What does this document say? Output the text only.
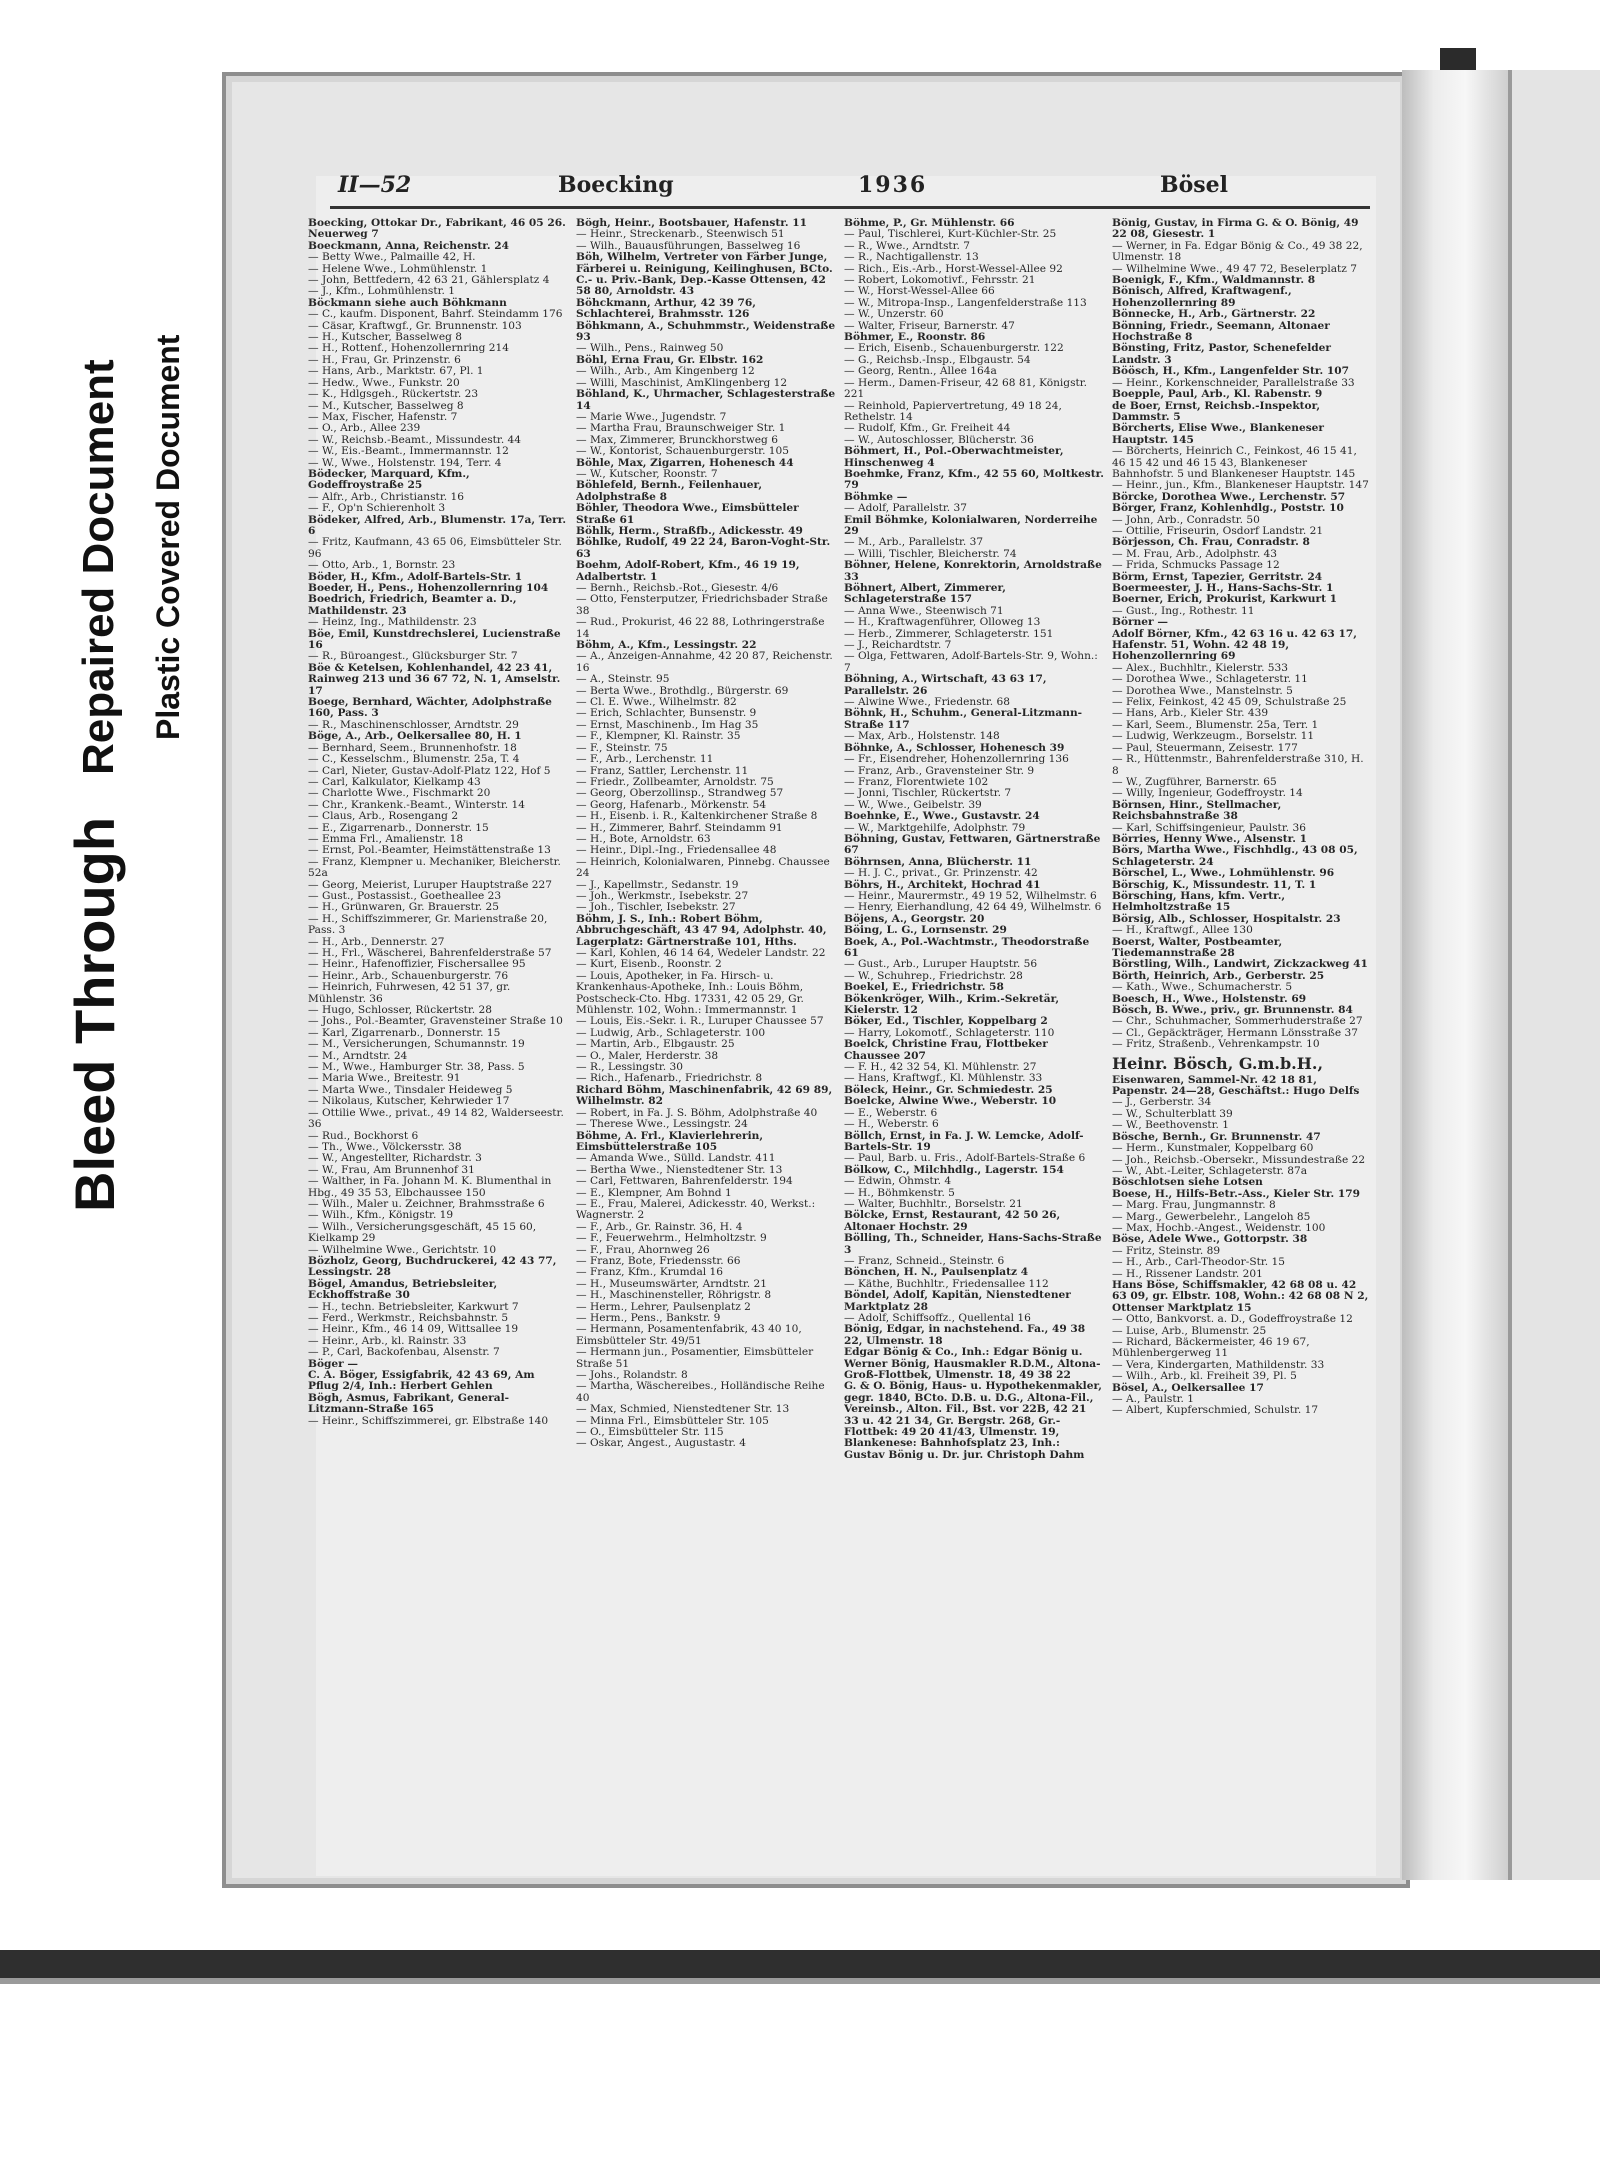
II—52	Boecking	1936	Bösel

Boecking, Ottokar Dr., Fabrikant, 46 05 26. Neuerweg 7

Boeckmann, Anna, Reichenstr. 24

— Betty Wwe., Palmaille 42, H.

— Helene Wwe., Lohmühlenstr. 1

— John, Bettfedern, 42 63 21, Gählersplatz 4

— J., Kfm., Lohmühlenstr. 1

Böckmann siehe auch Böhkmann

— C., kaufm. Disponent, Bahrf. Steindamm 176

— Cäsar, Kraftwgf., Gr. Brunnenstr. 103

— H., Kutscher, Basselweg 8

— H., Rottenf., Hohenzollernring 214

— H., Frau, Gr. Prinzenstr. 6

— Hans, Arb., Marktstr. 67, Pl. 1

— Hedw., Wwe., Funkstr. 20

— K., Hdlgsgeh., Rückertstr. 23

— M., Kutscher, Basselweg 8

— Max, Fischer, Hafenstr. 7

— O., Arb., Allee 239

— W., Reichsb.-Beamt., Missundestr. 44

— W., Eis.-Beamt., Immermannstr. 12

— W., Wwe., Holstenstr. 194, Terr. 4

Bödecker, Marquard, Kfm., Godeffroystraße 25

— Alfr., Arb., Christianstr. 16

— F., Op'n Schierenholt 3

Bödeker, Alfred, Arb., Blumenstr. 17a, Terr. 6

— Fritz, Kaufmann, 43 65 06, Eimsbütteler Str. 96

— Otto, Arb., 1, Bornstr. 23

Böder, H., Kfm., Adolf-Bartels-Str. 1

Boeder, H., Pens., Hohenzollernring 104

Boedrich, Friedrich, Beamter a. D., Mathildenstr. 23

— Heinz, Ing., Mathildenstr. 23

Böe, Emil, Kunstdrechslerei, Lucienstraße 16

— R., Büroangest., Glücksburger Str. 7

Böe & Ketelsen, Kohlenhandel, 42 23 41, Rainweg 213 und 36 67 72, N. 1, Amselstr. 17

Boege, Bernhard, Wächter, Adolphstraße 160, Pass. 3

— R., Maschinenschlosser, Arndtstr. 29

Böge, A., Arb., Oelkersallee 80, H. 1

— Bernhard, Seem., Brunnenhofstr. 18

— C., Kesselschm., Blumenstr. 25a, T. 4

— Carl, Nieter, Gustav-Adolf-Platz 122, Hof 5

— Carl, Kalkulator, Kielkamp 43

— Charlotte Wwe., Fischmarkt 20

— Chr., Krankenk.-Beamt., Winterstr. 14

— Claus, Arb., Rosengang 2

— E., Zigarrenarb., Donnerstr. 15

— Emma Frl., Amalienstr. 18

— Ernst, Pol.-Beamter, Heimstättenstraße 13

— Franz, Klempner u. Mechaniker, Bleicherstr. 52a

— Georg, Meierist, Luruper Hauptstraße 227

— Gust., Postassist., Goetheallee 23

— H., Grünwaren, Gr. Brauerstr. 25

— H., Schiffszimmerer, Gr. Marienstraße 20, Pass. 3

— H., Arb., Dennerstr. 27

— H., Frl., Wäscherei, Bahrenfelderstraße 57

— Heinr., Hafenoffizier, Fischersallee 95

— Heinr., Arb., Schauenburgerstr. 76

— Heinrich, Fuhrwesen, 42 51 37, gr. Mühlenstr. 36

— Hugo, Schlosser, Rückertstr. 28

— Johs., Pol.-Beamter, Gravensteiner Straße 10

— Karl, Zigarrenarb., Donnerstr. 15

— M., Versicherungen, Schumannstr. 19

— M., Arndtstr. 24

— M., Wwe., Hamburger Str. 38, Pass. 5

— Maria Wwe., Breitestr. 91

— Marta Wwe., Tinsdaler Heideweg 5

— Nikolaus, Kutscher, Kehrwieder 17

— Ottilie Wwe., privat., 49 14 82, Walderseestr. 36

— Rud., Bockhorst 6

— Th., Wwe., Völckersstr. 38

— W., Angestellter, Richardstr. 3

— W., Frau, Am Brunnenhof 31

— Walther, in Fa. Johann M. K. Blumenthal in Hbg., 49 35 53, Elbchaussee 150

— Wilh., Maler u. Zeichner, Brahmsstraße 6

— Wilh., Kfm., Königstr. 19

— Wilh., Versicherungsgeschäft, 45 15 60, Kielkamp 29

— Wilhelmine Wwe., Gerichtstr. 10

Bözholz, Georg, Buchdruckerei, 42 43 77, Lessingstr. 28

Bögel, Amandus, Betriebsleiter, Eckhoffstraße 30

— H., techn. Betriebsleiter, Karkwurt 7

— Ferd., Werkmstr., Reichsbahnstr. 5

— Heinr., Kfm., 46 14 09, Wittsallee 19

— Heinr., Arb., kl. Rainstr. 33

— P., Carl, Backofenbau, Alsenstr. 7

Böger —

C. A. Böger, Essigfabrik, 42 43 69, Am Pflug 2/4, Inh.: Herbert Gehlen

Bögh, Asmus, Fabrikant, General-Litzmann-Straße 165

— Heinr., Schiffszimmerei, gr. Elbstraße 140

Bögh, Heinr., Bootsbauer, Hafenstr. 11

— Heinr., Streckenarb., Steenwisch 51

— Wilh., Bauausführungen, Basselweg 16

Böh, Wilhelm, Vertreter von Färber Junge, Färberei u. Reinigung, Keilinghusen, BCto. C.- u. Priv.-Bank, Dep.-Kasse Ottensen, 42 58 80, Arnoldstr. 43

Böhckmann, Arthur, 42 39 76, Schlachterei, Brahmsstr. 126

Böhkmann, A., Schuhmmstr., Weidenstraße 93

— Wilh., Pens., Rainweg 50

Böhl, Erna Frau, Gr. Elbstr. 162

— Wilh., Arb., Am Kingenberg 12

— Willi, Maschinist, AmKlingenberg 12

Böhland, K., Uhrmacher, Schlagesterstraße 14

— Marie Wwe., Jugendstr. 7

— Martha Frau, Braunschweiger Str. 1

— Max, Zimmerer, Brunckhorstweg 6

— W., Kontorist, Schauenburgerstr. 105

Böhle, Max, Zigarren, Hohenesch 44

— W., Kutscher, Roonstr. 7

Böhlefeld, Bernh., Feilenhauer, Adolphstraße 8

Böhler, Theodora Wwe., Eimsbütteler Straße 61

Böhlk, Herm., Straßfb., Adickesstr. 49

Böhlke, Rudolf, 49 22 24, Baron-Voght-Str. 63

Boehm, Adolf-Robert, Kfm., 46 19 19, Adalbertstr. 1

— Bernh., Reichsb.-Rot., Giesestr. 4/6

— Otto, Fensterputzer, Friedrichsbader Straße 38

— Rud., Prokurist, 46 22 88, Lothringerstraße 14

Böhm, A., Kfm., Lessingstr. 22

— A., Anzeigen-Annahme, 42 20 87, Reichenstr. 16

— A., Steinstr. 95

— Berta Wwe., Brothdlg., Bürgerstr. 69

— Cl. E. Wwe., Wilhelmstr. 82

— Erich, Schlachter, Bunsenstr. 9

— Ernst, Maschinenb., Im Hag 35

— F., Klempner, Kl. Rainstr. 35

— F., Steinstr. 75

— F., Arb., Lerchenstr. 11

— Franz, Sattler, Lerchenstr. 11

— Friedr., Zollbeamter, Arnoldstr. 75

— Georg, Oberzollinsp., Strandweg 57

— Georg, Hafenarb., Mörkenstr. 54

— H., Eisenb. i. R., Kaltenkirchener Straße 8

— H., Zimmerer, Bahrf. Steindamm 91

— H., Bote, Arnoldstr. 63

— Heinr., Dipl.-Ing., Friedensallee 48

— Heinrich, Kolonialwaren, Pinnebg. Chaussee 24

— J., Kapellmstr., Sedanstr. 19

— Joh., Werkmstr., Isebekstr. 27

— Joh., Tischler, Isebekstr. 27

Böhm, J. S., Inh.: Robert Böhm, Abbruchgeschäft, 43 47 94, Adolphstr. 40, Lagerplatz: Gärtnerstraße 101, Hths.

— Karl, Kohlen, 46 14 64, Wedeler Landstr. 22

— Kurt, Eisenb., Roonstr. 2

— Louis, Apotheker, in Fa. Hirsch- u. Krankenhaus-Apotheke, Inh.: Louis Böhm, Postscheck-Cto. Hbg. 17331, 42 05 29, Gr. Mühlenstr. 102, Wohn.: Immermannstr. 1

— Louis, Eis.-Sekr. i. R., Luruper Chaussee 57

— Ludwig, Arb., Schlageterstr. 100

— Martin, Arb., Elbgaustr. 25

— O., Maler, Herderstr. 38

— R., Lessingstr. 30

— Rich., Hafenarb., Friedrichstr. 8

Richard Böhm, Maschinenfabrik, 42 69 89, Wilhelmstr. 82

— Robert, in Fa. J. S. Böhm, Adolphstraße 40

— Therese Wwe., Lessingstr. 24

Böhme, A. Frl., Klavierlehrerin, Eimsbüttelerstraße 105

— Amanda Wwe., Sülld. Landstr. 411

— Bertha Wwe., Nienstedtener Str. 13

— Carl, Fettwaren, Bahrenfelderstr. 194

— E., Klempner, Am Bohnd 1

— E., Frau, Malerei, Adickesstr. 40, Werkst.: Wagnerstr. 2

— F., Arb., Gr. Rainstr. 36, H. 4

— F., Feuerwehrm., Helmholtzstr. 9

— F., Frau, Ahornweg 26

— Franz, Bote, Friedensstr. 66

— Franz, Kfm., Krumdal 16

— H., Museumswärter, Arndtstr. 21

— H., Maschinensteller, Röhrigstr. 8

— Herm., Lehrer, Paulsenplatz 2

— Herm., Pens., Bankstr. 9

— Hermann, Posamentenfabrik, 43 40 10, Eimsbütteler Str. 49/51

— Hermann jun., Posamentier, Eimsbütteler Straße 51

— Johs., Rolandstr. 8

— Martha, Wäschereibes., Holländische Reihe 40

— Max, Schmied, Nienstedtener Str. 13

— Minna Frl., Eimsbütteler Str. 105

— O., Eimsbütteler Str. 115

— Oskar, Angest., Augustastr. 4

Böhme, P., Gr. Mühlenstr. 66

— Paul, Tischlerei, Kurt-Küchler-Str. 25

— R., Wwe., Arndtstr. 7

— R., Nachtigallenstr. 13

— Rich., Eis.-Arb., Horst-Wessel-Allee 92

— Robert, Lokomotivf., Fehrsstr. 21

— W., Horst-Wessel-Allee 66

— W., Mitropa-Insp., Langenfelderstraße 113

— W., Unzerstr. 60

— Walter, Friseur, Barnerstr. 47

Böhmer, E., Roonstr. 86

— Erich, Eisenb., Schauenburgerstr. 122

— G., Reichsb.-Insp., Elbgaustr. 54

— Georg, Rentn., Allee 164a

— Herm., Damen-Friseur, 42 68 81, Königstr. 221

— Reinhold, Papiervertretung, 49 18 24, Rethelstr. 14

— Rudolf, Kfm., Gr. Freiheit 44

— W., Autoschlosser, Blücherstr. 36

Böhmert, H., Pol.-Oberwachtmeister, Hinschenweg 4

Boehmke, Franz, Kfm., 42 55 60, Moltkestr. 79

Böhmke —

— Adolf, Parallelstr. 37

Emil Böhmke, Kolonialwaren, Norderreihe 29

— M., Arb., Parallelstr. 37

— Willi, Tischler, Bleicherstr. 74

Böhner, Helene, Konrektorin, Arnoldstraße 33

Böhnert, Albert, Zimmerer, Schlageterstraße 157

— Anna Wwe., Steenwisch 71

— H., Kraftwagenführer, Olloweg 13

— Herb., Zimmerer, Schlageterstr. 151

— J., Reichardtstr. 7

— Olga, Fettwaren, Adolf-Bartels-Str. 9, Wohn.: 7

Böhning, A., Wirtschaft, 43 63 17, Parallelstr. 26

— Alwine Wwe., Friedenstr. 68

Böhnk, H., Schuhm., General-Litzmann-Straße 117

— Max, Arb., Holstenstr. 148

Böhnke, A., Schlosser, Hohenesch 39

— Fr., Eisendreher, Hohenzollernring 136

— Franz, Arb., Gravensteiner Str. 9

— Franz, Florentwiete 102

— Jonni, Tischler, Rückertstr. 7

— W., Wwe., Geibelstr. 39

Boehnke, E., Wwe., Gustavstr. 24

— W., Marktgehilfe, Adolphstr. 79

Böhning, Gustav, Fettwaren, Gärtnerstraße 67

Böhrnsen, Anna, Blücherstr. 11

— H. J. C., privat., Gr. Prinzenstr. 42

Böhrs, H., Architekt, Hochrad 41

— Heinr., Maurermstr., 49 19 52, Wilhelmstr. 6

— Henry, Eierhandlung, 42 64 49, Wilhelmstr. 6

Böjens, A., Georgstr. 20

Böing, L. G., Lornsenstr. 29

Boek, A., Pol.-Wachtmstr., Theodorstraße 61

— Gust., Arb., Luruper Hauptstr. 56

— W., Schuhrep., Friedrichstr. 28

Boekel, E., Friedrichstr. 58

Bökenkröger, Wilh., Krim.-Sekretär, Kielerstr. 12

Böker, Ed., Tischler, Koppelbarg 2

— Harry, Lokomotf., Schlageterstr. 110

Boelck, Christine Frau, Flottbeker Chaussee 207

— F. H., 42 32 54, Kl. Mühlenstr. 27

— Hans, Kraftwgf., Kl. Mühlenstr. 33

Böleck, Heinr., Gr. Schmiedestr. 25

Boelcke, Alwine Wwe., Weberstr. 10

— E., Weberstr. 6

— H., Weberstr. 6

Böllch, Ernst, in Fa. J. W. Lemcke, Adolf-Bartels-Str. 19

— Paul, Barb. u. Fris., Adolf-Bartels-Straße 6

Bölkow, C., Milchhdlg., Lagerstr. 154

— Edwin, Ohmstr. 4

— H., Böhmkenstr. 5

— Walter, Buchhltr., Borselstr. 21

Bölcke, Ernst, Restaurant, 42 50 26, Altonaer Hochstr. 29

Bölling, Th., Schneider, Hans-Sachs-Straße 3

— Franz, Schneid., Steinstr. 6

Bönchen, H. N., Paulsenplatz 4

— Käthe, Buchhltr., Friedensallee 112

Böndel, Adolf, Kapitän, Nienstedtener Marktplatz 28

— Adolf, Schiffsoffz., Quellental 16

Bönig, Edgar, in nachstehend. Fa., 49 38 22, Ulmenstr. 18

Edgar Bönig & Co., Inh.: Edgar Bönig u. Werner Bönig, Hausmakler R.D.M., Altona-Groß-Flottbek, Ulmenstr. 18, 49 38 22

G. & O. Bönig, Haus- u. Hypothekenmakler, gegr. 1840, BCto. D.B. u. D.G., Altona-Fil., Vereinsb., Alton. Fil., Bst. vor 22B, 42 21 33 u. 42 21 34, Gr. Bergstr. 268, Gr.-Flottbek: 49 20 41/43, Ulmenstr. 19, Blankenese: Bahnhofsplatz 23, Inh.: Gustav Bönig u. Dr. jur. Christoph Dahm

Bönig, Gustav, in Firma G. & O. Bönig, 49 22 08, Giesestr. 1

— Werner, in Fa. Edgar Bönig & Co., 49 38 22, Ulmenstr. 18

— Wilhelmine Wwe., 49 47 72, Beselerplatz 7

Boenigk, F., Kfm., Waldmannstr. 8

Bönisch, Alfred, Kraftwagenf., Hohenzollernring 89

Bönnecke, H., Arb., Gärtnerstr. 22

Bönning, Friedr., Seemann, Altonaer Hochstraße 8

Bönsting, Fritz, Pastor, Schenefelder Landstr. 3

Böösch, H., Kfm., Langenfelder Str. 107

— Heinr., Korkenschneider, Parallelstraße 33

Boepple, Paul, Arb., Kl. Rabenstr. 9

de Boer, Ernst, Reichsb.-Inspektor, Dammstr. 5

Börcherts, Elise Wwe., Blankeneser Hauptstr. 145

— Börcherts, Heinrich C., Feinkost, 46 15 41, 46 15 42 und 46 15 43, Blankeneser Bahnhofstr. 5 und Blankeneser Hauptstr. 145

— Heinr., jun., Kfm., Blankeneser Hauptstr. 147

Börcke, Dorothea Wwe., Lerchenstr. 57

Börger, Franz, Kohlenhdlg., Poststr. 10

— John, Arb., Conradstr. 50

— Ottilie, Friseurin, Osdorf Landstr. 21

Börjesson, Ch. Frau, Conradstr. 8

— M. Frau, Arb., Adolphstr. 43

— Frida, Schmucks Passage 12

Börm, Ernst, Tapezier, Gerritstr. 24

Boermeester, J. H., Hans-Sachs-Str. 1

Boerner, Erich, Prokurist, Karkwurt 1

— Gust., Ing., Rothestr. 11

Börner —

Adolf Börner, Kfm., 42 63 16 u. 42 63 17, Hafenstr. 51, Wohn. 42 48 19, Hohenzollernring 69

— Alex., Buchhltr., Kielerstr. 533

— Dorothea Wwe., Schlageterstr. 11

— Dorothea Wwe., Manstelnstr. 5

— Felix, Feinkost, 42 45 09, Schulstraße 25

— Hans, Arb., Kieler Str. 439

— Karl, Seem., Blumenstr. 25a, Terr. 1

— Ludwig, Werkzeugm., Borselstr. 11

— Paul, Steuermann, Zeisestr. 177

— R., Hüttenmstr., Bahrenfelderstraße 310, H. 8

— W., Zugführer, Barnerstr. 65

— Willy, Ingenieur, Godeffroystr. 14

Börnsen, Hinr., Stellmacher, Reichsbahnstraße 38

— Karl, Schiffsingenieur, Paulstr. 36

Börries, Henny Wwe., Alsenstr. 1

Börs, Martha Wwe., Fischhdlg., 43 08 05, Schlageterstr. 24

Börschel, L., Wwe., Lohmühlenstr. 96

Börschig, K., Missundestr. 11, T. 1

Börsching, Hans, kfm. Vertr., Helmholtzstraße 15

Börsig, Alb., Schlosser, Hospitalstr. 23

— H., Kraftwgf., Allee 130

Boerst, Walter, Postbeamter, Tiedemannstraße 28

Börstling, Wilh., Landwirt, Zickzackweg 41

Börth, Heinrich, Arb., Gerberstr. 25

— Kath., Wwe., Schumacherstr. 5

Boesch, H., Wwe., Holstenstr. 69

Bösch, B. Wwe., priv., gr. Brunnenstr. 84

— Chr., Schuhmacher, Sommerhuderstraße 27

— Cl., Gepäckträger, Hermann Lönsstraße 37

— Fritz, Straßenb., Vehrenkampstr. 10

Heinr. Bösch, G.m.b.H.,

Eisenwaren, Sammel-Nr. 42 18 81, Papenstr. 24—28, Geschäftst.: Hugo Delfs

— J., Gerberstr. 34

— W., Schulterblatt 39

— W., Beethovenstr. 1

Bösche, Bernh., Gr. Brunnenstr. 47

— Herm., Kunstmaler, Koppelbarg 60

— Joh., Reichsb.-Obersekr., Missundestraße 22

— W., Abt.-Leiter, Schlageterstr. 87a

Böschlotsen siehe Lotsen

Boese, H., Hilfs-Betr.-Ass., Kieler Str. 179

— Marg. Frau, Jungmannstr. 8

— Marg., Gewerbelehr., Langeloh 85

— Max, Hochb.-Angest., Weidenstr. 100

Böse, Adele Wwe., Gottorpstr. 38

— Fritz, Steinstr. 89

— H., Arb., Carl-Theodor-Str. 15

— H., Rissener Landstr. 201

Hans Böse, Schiffsmakler, 42 68 08 u. 42 63 09, gr. Elbstr. 108, Wohn.: 42 68 08 N 2, Ottenser Marktplatz 15

— Otto, Bankvorst. a. D., Godeffroystraße 12

— Luise, Arb., Blumenstr. 25

— Richard, Bäckermeister, 46 19 67, Mühlenbergerweg 11

— Vera, Kindergarten, Mathildenstr. 33

— Wilh., Arb., kl. Freiheit 39, Pl. 5

Bösel, A., Oelkersallee 17

— A., Paulstr. 1

— Albert, Kupferschmied, Schulstr. 17

Bleed Through
Repaired Document Plastic Covered Document
